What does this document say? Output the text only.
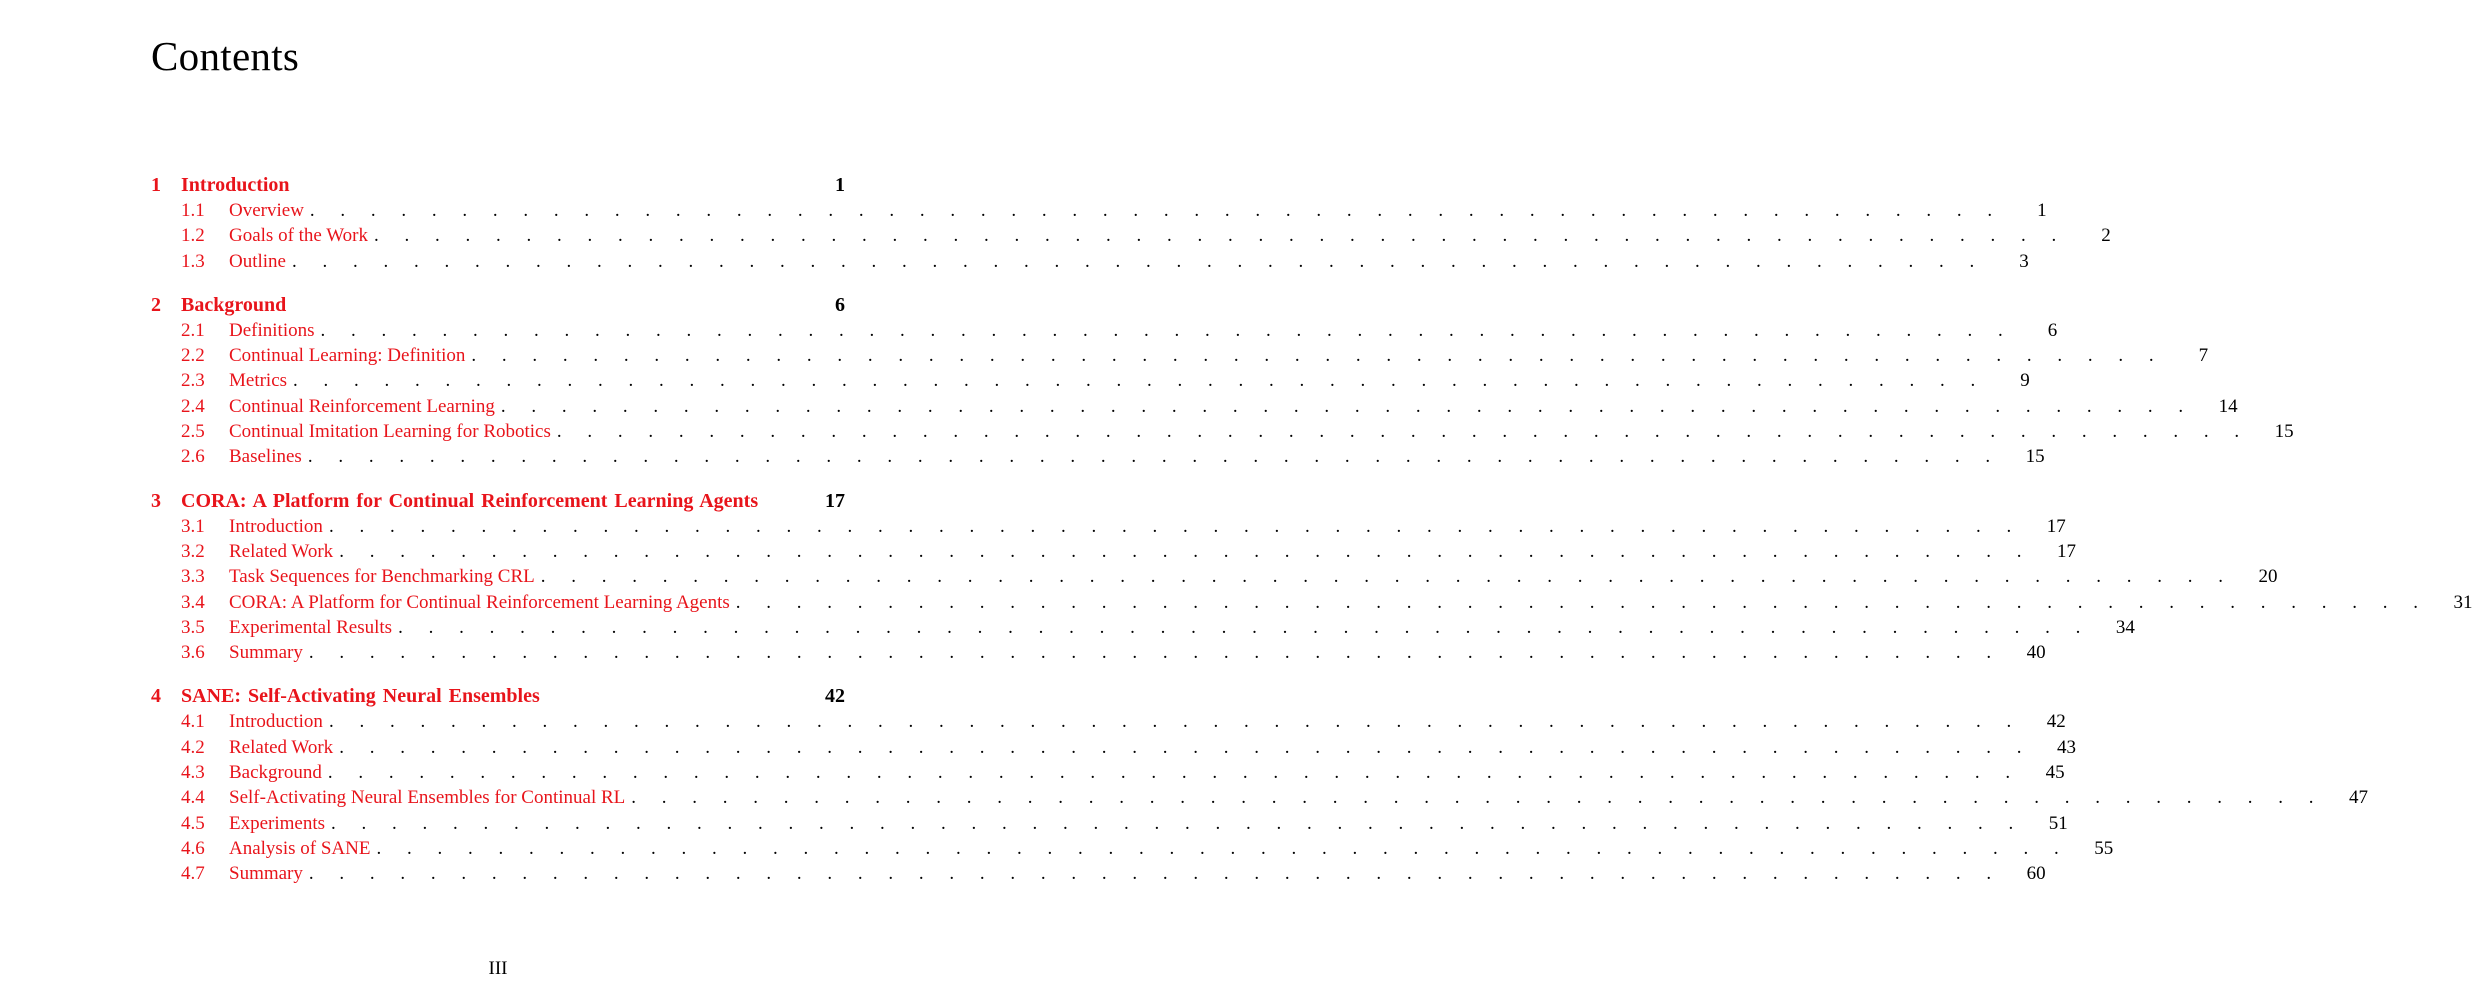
Contents
1	Introduction	1
1.1	Overview . . . . . . . . . . . . . . . . . . . . . . . . . . . . . . . . . . . . . . . . . . . . . . . . . . . . . . . .	1
1.2	Goals of the Work . . . . . . . . . . . . . . . . . . . . . . . . . . . . . . . . . . . . . . . . . . . . . . . . . . . . . . . .	2
1.3	Outline . . . . . . . . . . . . . . . . . . . . . . . . . . . . . . . . . . . . . . . . . . . . . . . . . . . . . . . .	3
2	Background	6
2.1	Definitions . . . . . . . . . . . . . . . . . . . . . . . . . . . . . . . . . . . . . . . . . . . . . . . . . . . . . . . .	6
2.2	Continual Learning: Definition . . . . . . . . . . . . . . . . . . . . . . . . . . . . . . . . . . . . . . . . . . . . . . . . . . . . . . . .	7
2.3	Metrics . . . . . . . . . . . . . . . . . . . . . . . . . . . . . . . . . . . . . . . . . . . . . . . . . . . . . . . .	9
2.4	Continual Reinforcement Learning . . . . . . . . . . . . . . . . . . . . . . . . . . . . . . . . . . . . . . . . . . . . . . . . . . . . . . . .	14
2.5	Continual Imitation Learning for Robotics . . . . . . . . . . . . . . . . . . . . . . . . . . . . . . . . . . . . . . . . . . . . . . . . . . . . . . . .	15
2.6	Baselines . . . . . . . . . . . . . . . . . . . . . . . . . . . . . . . . . . . . . . . . . . . . . . . . . . . . . . . .	15
3	CORA: A Platform for Continual Reinforcement Learning Agents	17
3.1	Introduction . . . . . . . . . . . . . . . . . . . . . . . . . . . . . . . . . . . . . . . . . . . . . . . . . . . . . . . .	17
3.2	Related Work . . . . . . . . . . . . . . . . . . . . . . . . . . . . . . . . . . . . . . . . . . . . . . . . . . . . . . . .	17
3.3	Task Sequences for Benchmarking CRL . . . . . . . . . . . . . . . . . . . . . . . . . . . . . . . . . . . . . . . . . . . . . . . . . . . . . . . .	20
3.4	CORA: A Platform for Continual Reinforcement Learning Agents . . . . . . . . . . . . . . . . . . . . . . . . . . . . . . . . . . . . . . . . . . . . . . . . . . . . . . . .	31
3.5	Experimental Results . . . . . . . . . . . . . . . . . . . . . . . . . . . . . . . . . . . . . . . . . . . . . . . . . . . . . . . .	34
3.6	Summary . . . . . . . . . . . . . . . . . . . . . . . . . . . . . . . . . . . . . . . . . . . . . . . . . . . . . . . .	40
4	SANE: Self-Activating Neural Ensembles	42
4.1	Introduction . . . . . . . . . . . . . . . . . . . . . . . . . . . . . . . . . . . . . . . . . . . . . . . . . . . . . . . .	42
4.2	Related Work . . . . . . . . . . . . . . . . . . . . . . . . . . . . . . . . . . . . . . . . . . . . . . . . . . . . . . . .	43
4.3	Background . . . . . . . . . . . . . . . . . . . . . . . . . . . . . . . . . . . . . . . . . . . . . . . . . . . . . . . .	45
4.4	Self-Activating Neural Ensembles for Continual RL . . . . . . . . . . . . . . . . . . . . . . . . . . . . . . . . . . . . . . . . . . . . . . . . . . . . . . . .	47
4.5	Experiments . . . . . . . . . . . . . . . . . . . . . . . . . . . . . . . . . . . . . . . . . . . . . . . . . . . . . . . .	51
4.6	Analysis of SANE . . . . . . . . . . . . . . . . . . . . . . . . . . . . . . . . . . . . . . . . . . . . . . . . . . . . . . . .	55
4.7	Summary . . . . . . . . . . . . . . . . . . . . . . . . . . . . . . . . . . . . . . . . . . . . . . . . . . . . . . . .	60
III
